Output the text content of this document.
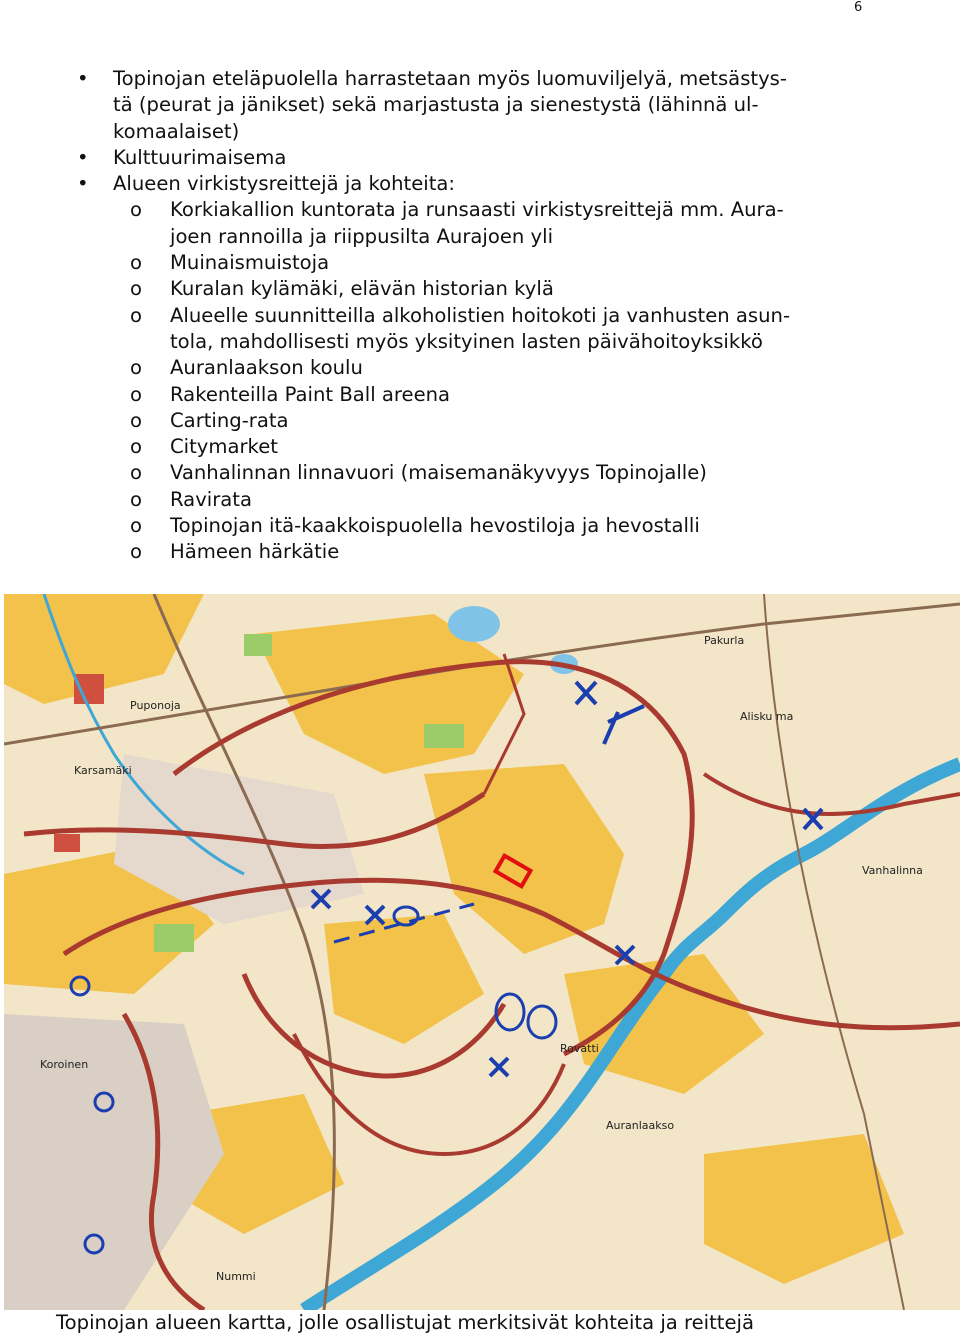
6
• Topinojan eteläpuolella harrastetaan myös luomuviljelyä, metsästys-
tä (peurat ja jänikset) sekä marjastusta ja sienestystä (lähinnä ul-
komaalaiset)
• Kulttuurimaisema
• Alueen virkistysreittejä ja kohteita:
o Korkiakallion kuntorata ja runsaasti virkistysreittejä mm. Aura-
joen rannoilla ja riippusilta Aurajoen yli
o Muinaismuistoja
o Kuralan kylämäki, elävän historian kylä
o Alueelle suunnitteilla alkoholistien hoitokoti ja vanhusten asun-
tola, mahdollisesti myös yksityinen lasten päivähoitoyksikkö
o Auranlaakson koulu
o Rakenteilla Paint Ball areena
o Carting-rata
o Citymarket
o Vanhalinnan linnavuori (maisemanäkyvyys Topinojalle)
o Ravirata
o Topinojan itä-kaakkoispuolella hevostiloja ja hevostalli
o Hämeen härkätie
Pakurla
Puponoja
Karsamäki
Alisku ma
Vanhalinna
Koroinen
Rovatti
Auranlaakso
Nummi
Topinojan alueen kartta, jolle osallistujat merkitsivät kohteita ja reittejä
